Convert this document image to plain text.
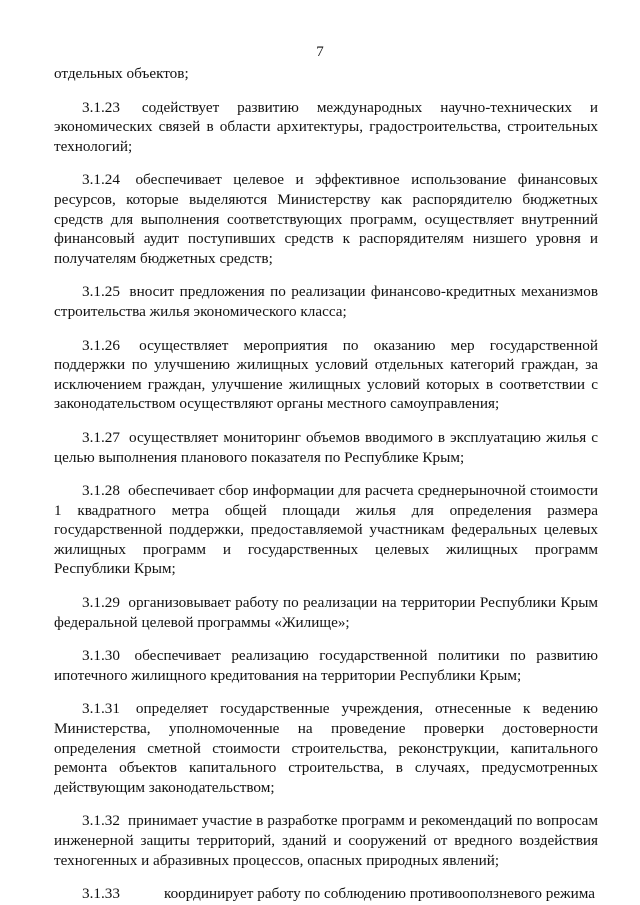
7

отдельных объектов;

3.1.23 содействует развитию международных научно-технических и экономических связей в области архитектуры, градостроительства, строительных технологий;

3.1.24 обеспечивает целевое и эффективное использование финансовых ресурсов, которые выделяются Министерству как распорядителю бюджетных средств для выполнения соответствующих программ, осуществляет внутренний финансовый аудит поступивших средств к распорядителям низшего уровня и получателям бюджетных средств;

3.1.25 вносит предложения по реализации финансово-кредитных механизмов строительства жилья экономического класса;

3.1.26 осуществляет мероприятия по оказанию мер государственной поддержки по улучшению жилищных условий отдельных категорий граждан, за исключением граждан, улучшение жилищных условий которых в соответствии с законодательством осуществляют органы местного самоуправления;

3.1.27 осуществляет мониторинг объемов вводимого в эксплуатацию жилья с целью выполнения планового показателя по Республике Крым;

3.1.28 обеспечивает сбор информации для расчета среднерыночной стоимости 1 квадратного метра общей площади жилья для определения размера государственной поддержки, предоставляемой участникам федеральных целевых жилищных программ и государственных целевых жилищных программ Республики Крым;

3.1.29 организовывает работу по реализации на территории Республики Крым федеральной целевой программы «Жилище»;

3.1.30 обеспечивает реализацию государственной политики по развитию ипотечного жилищного кредитования на территории Республики Крым;

3.1.31 определяет государственные учреждения, отнесенные к ведению Министерства, уполномоченные на проведение проверки достоверности определения сметной стоимости строительства, реконструкции, капитального ремонта объектов капитального строительства, в случаях, предусмотренных действующим законодательством;

3.1.32 принимает участие в разработке программ и рекомендаций по вопросам инженерной защиты территорий, зданий и сооружений от вредного воздействия техногенных и абразивных процессов, опасных природных явлений;

3.1.33	координирует работу по соблюдению противооползневого режима
